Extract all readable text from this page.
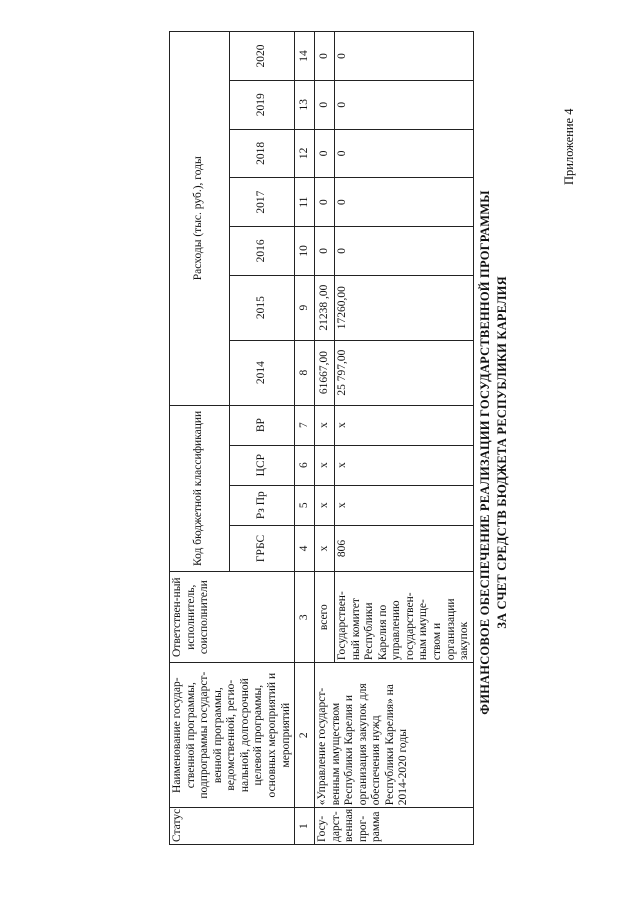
Приложение 4
ФИНАНСОВОЕ ОБЕСПЕЧЕНИЕ РЕАЛИЗАЦИИ ГОСУДАРСТВЕННОЙ ПРОГРАММЫ ЗА СЧЕТ СРЕДСТВ БЮДЖЕТА РЕСПУБЛИКИ КАРЕЛИЯ
Статус	Наименование государ-ственной программы, подпрограммы государст-венной программы, ведомственной, регио-нальной, долгосрочной целевой программы, основных мероприятий и мероприятий	Ответствен-ный исполнитель, соисполнители	Код бюджетной классификации				Расходы (тыс. руб.), годы						
			ГРБС	Рз Пр	ЦСР	ВР	2014	2015	2016	2017	2018	2019	2020
1	2	3	4	5	6	7	8	9	10	11	12	13	14
Госу-дарст-венная прог-рамма	«Управление государст-венным имуществом Республики Карелия и организация закупок для обеспечения нужд Республики Карелия» на 2014-2020 годы	всего	x	x	x	x	61667,00	21238 ,00	0	0	0	0	0
		Государствен-ный комитет Республики Карелия по управлению государствен-ным имуще-ством и организации закупок	806	x	x	x	25 797,00	17260,00	0	0	0	0	0
